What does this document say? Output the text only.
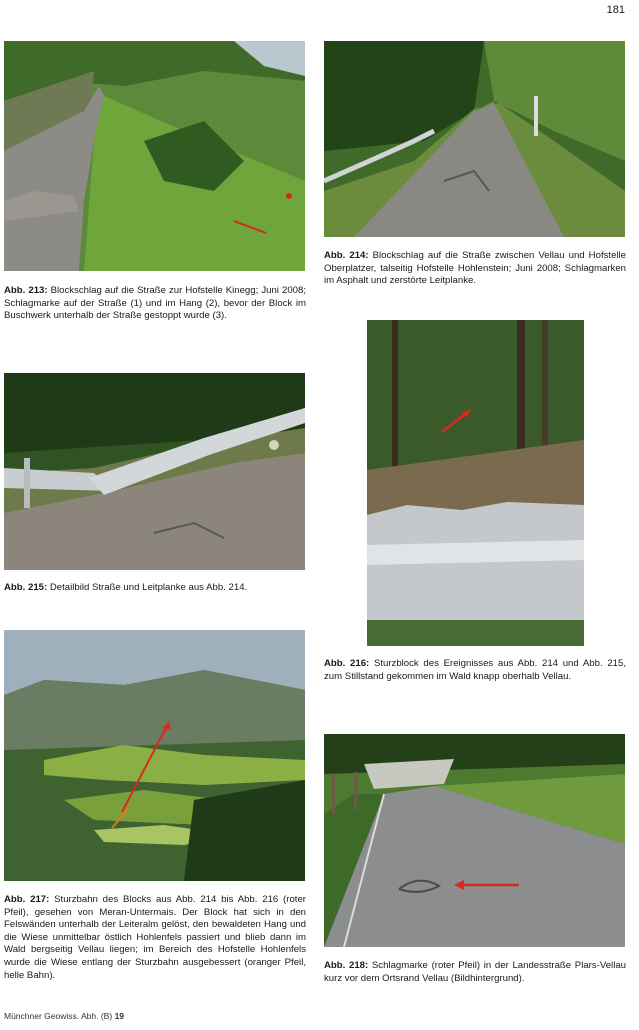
181
Abb. 213: Blockschlag auf die Straße zur Hofstelle Kinegg; Juni 2008; Schlagmarke auf der Straße (1) und im Hang (2), bevor der Block im Buschwerk unterhalb der Straße gestoppt wurde (3).
Abb. 214: Blockschlag auf die Straße zwischen Vellau und Hofstelle Oberplatzer, talseitig Hofstelle Hohlenstein; Juni 2008; Schlagmarken im Asphalt und zerstörte Leitplanke.
Abb. 215: Detailbild Straße und Leitplanke aus Abb. 214.
Abb. 216: Sturzblock des Ereignisses aus Abb. 214 und Abb. 215, zum Stillstand gekommen im Wald knapp oberhalb Vellau.
Abb. 217: Sturzbahn des Blocks aus Abb. 214 bis Abb. 216 (roter Pfeil), gesehen von Meran-Untermais. Der Block hat sich in den Felswänden unterhalb der Leiteralm gelöst, den bewaldeten Hang und die Wiese unmittelbar östlich Hohlenfels passiert und blieb dann im Wald bergseitig Vellau liegen; im Bereich des Hofstelle Hohlenfels wurde die Wiese entlang der Sturzbahn ausgebessert (oranger Pfeil, helle Bahn).
Abb. 218: Schlagmarke (roter Pfeil) in der Landesstraße Plars-Vellau kurz vor dem Ortsrand Vellau (Bildhintergrund).
Münchner Geowiss. Abh. (B) 19
